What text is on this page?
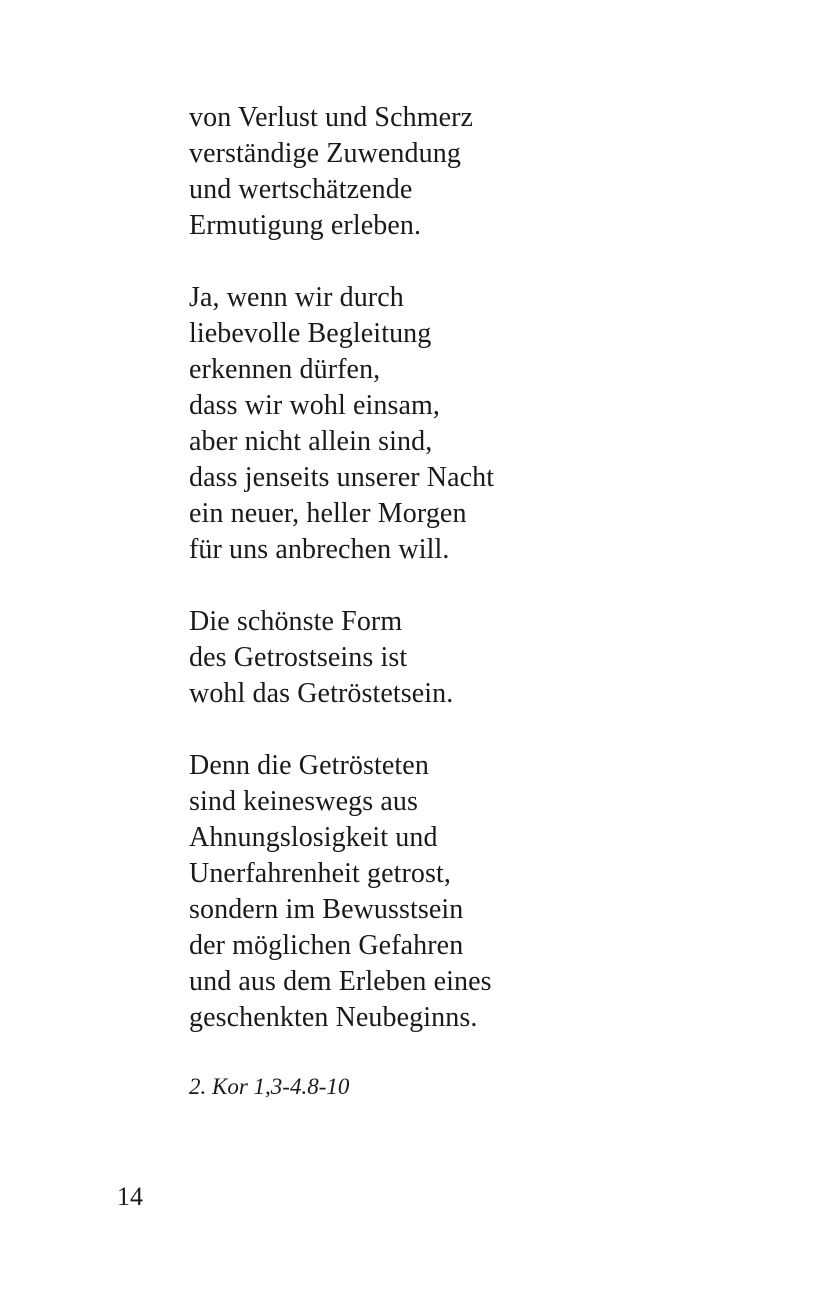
von Verlust und Schmerz
verständige Zuwendung
und wertschätzende
Ermutigung erleben.
Ja, wenn wir durch
liebevolle Begleitung
erkennen dürfen,
dass wir wohl einsam,
aber nicht allein sind,
dass jenseits unserer Nacht
ein neuer, heller Morgen
für uns anbrechen will.
Die schönste Form
des Getrostseins ist
wohl das Getröstetsein.
Denn die Getrösteten
sind keineswegs aus
Ahnungslosigkeit und
Unerfahrenheit getrost,
sondern im Bewusstsein
der möglichen Gefahren
und aus dem Erleben eines
geschenkten Neubeginns.
2. Kor 1,3-4.8-10
14
